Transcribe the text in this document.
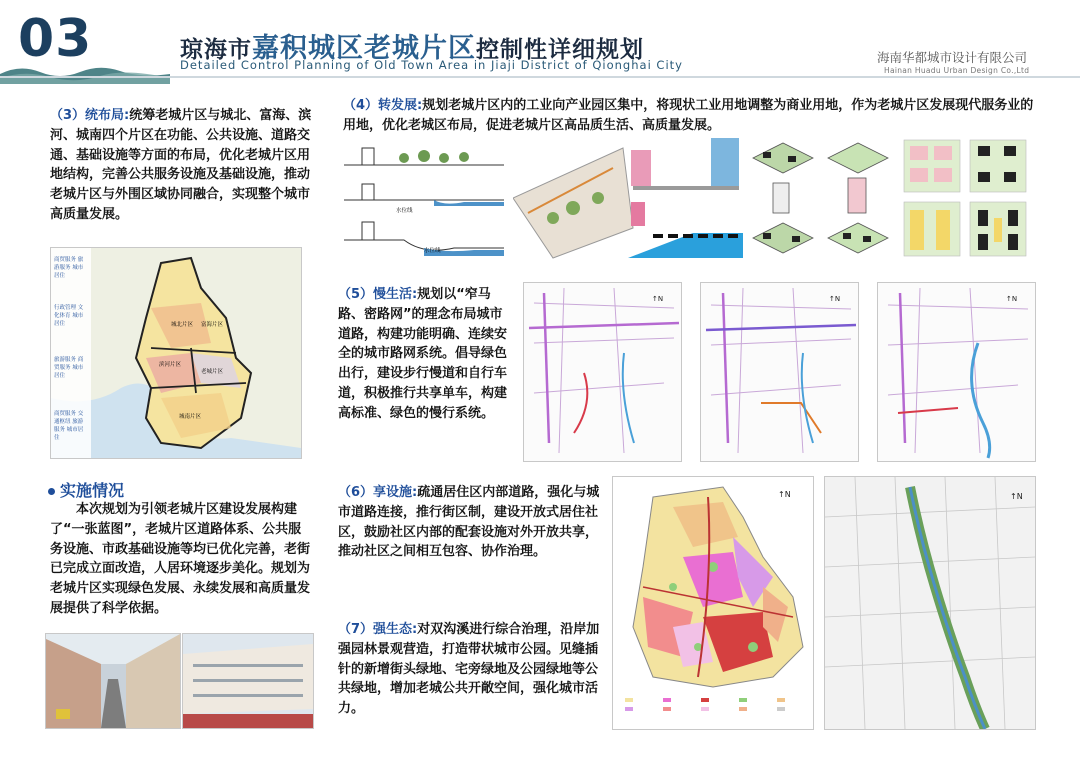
03	琼海市嘉积城区老城片区控制性详细规划
Detailed Control Planning of Old Town Area in Jiaji District of Qionghai City	海南华都城市设计有限公司
Hainan Huadu Urban Design Co.,Ltd
（3）统布局:统筹老城片区与城北、富海、滨河、城南四个片区在功能、公共设施、道路交通、基础设施等方面的布局，优化老城片区用地结构，完善公共服务设施及基础设施，推动老城片区与外围区域协同融合，实现整个城市高质量发展。
城北片区 富海片区
滨河片区
老城片区
城南片区
商贸服务 旅游服务 城市居住
行政管理 文化体育 城市居住
旅游服务 商贸服务 城市居住
商贸服务 交通枢纽 旅游服务 城市居住
实施情况
本次规划为引领老城片区建设发展构建了“一张蓝图”，老城片区道路体系、公共服务设施、市政基础设施等均已优化完善，老街已完成立面改造，人居环境逐步美化。规划为老城片区实现绿色发展、永续发展和高质量发展提供了科学依据。
（4）转发展:规划老城片区内的工业向产业园区集中，将现状工业用地调整为商业用地，作为老城片区发展现代服务业的用地，优化老城区布局，促进老城片区高品质生活、高质量发展。
水位线
水位线
（5）慢生活:规划以“窄马路、密路网”的理念布局城市道路，构建功能明确、连续安全的城市路网系统。倡导绿色出行，建设步行慢道和自行车道，积极推行共享单车，构建高标准、绿色的慢行系统。
↑N	↑N	↑N
（6）享设施:疏通居住区内部道路，强化与城市道路连接，推行街区制，建设开放式居住社区，鼓励社区内部的配套设施对外开放共享，推动社区之间相互包容、协作治理。
（7）强生态:对双沟溪进行综合治理，沿岸加强园林景观营造，打造带状城市公园。见缝插针的新增街头绿地、宅旁绿地及公园绿地等公共绿地，增加老城公共开敞空间，强化城市活力。
↑N	↑N
